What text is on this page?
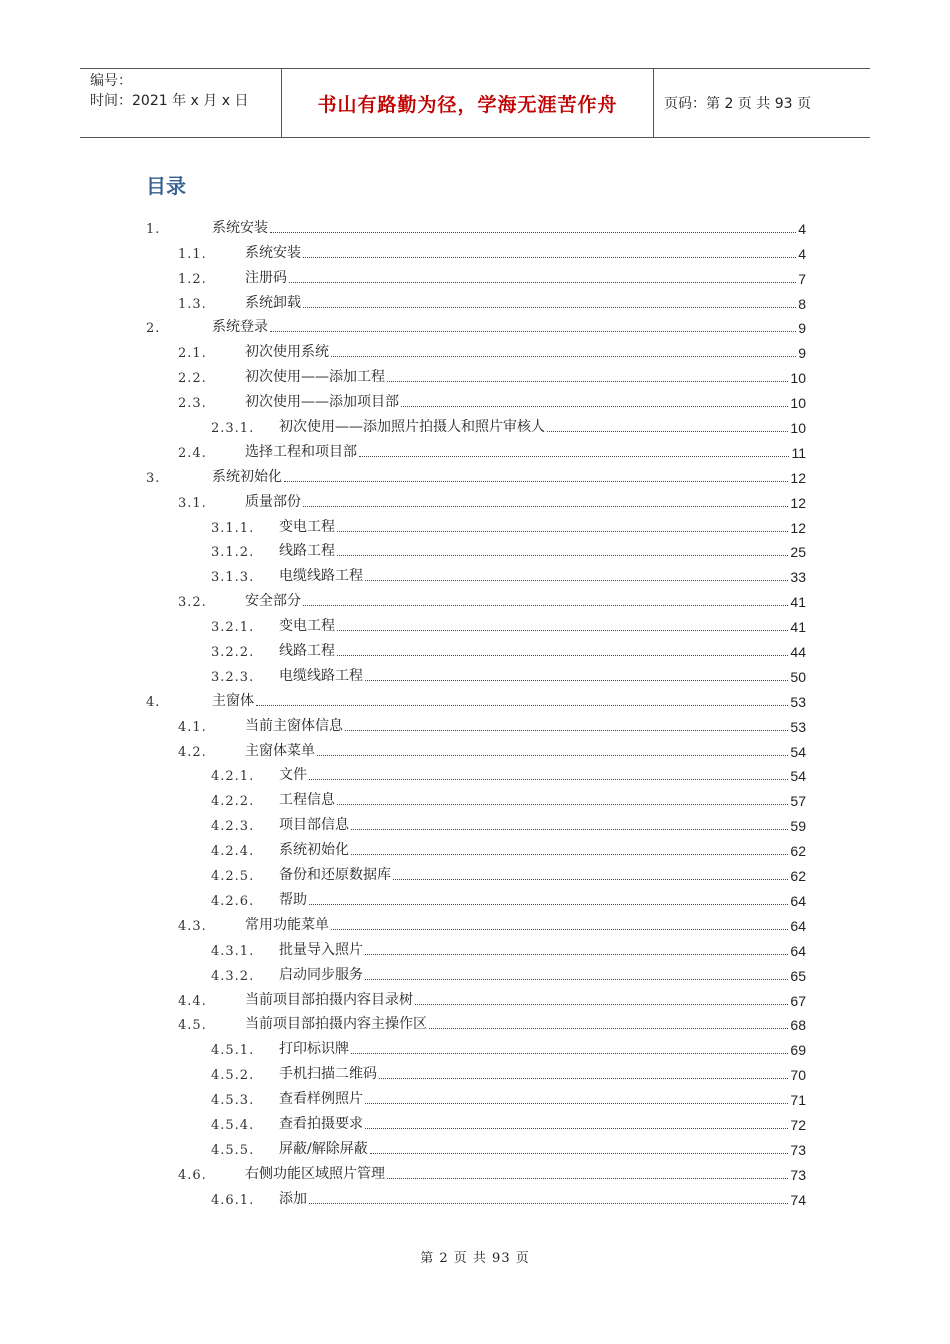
编号：
时间：2021 年 x 月 x 日	书山有路勤为径，学海无涯苦作舟	页码：第 2 页 共 93 页
目录
1.	系统安装	4
1.1.	系统安装	4
1.2.	注册码	7
1.3.	系统卸载	8
2.	系统登录	9
2.1.	初次使用系统	9
2.2.	初次使用——添加工程	10
2.3.	初次使用——添加项目部	10
2.3.1.	初次使用——添加照片拍摄人和照片审核人	10
2.4.	选择工程和项目部	11
3.	系统初始化	12
3.1.	质量部份	12
3.1.1.	变电工程	12
3.1.2.	线路工程	25
3.1.3.	电缆线路工程	33
3.2.	安全部分	41
3.2.1.	变电工程	41
3.2.2.	线路工程	44
3.2.3.	电缆线路工程	50
4.	主窗体	53
4.1.	当前主窗体信息	53
4.2.	主窗体菜单	54
4.2.1.	文件	54
4.2.2.	工程信息	57
4.2.3.	项目部信息	59
4.2.4.	系统初始化	62
4.2.5.	备份和还原数据库	62
4.2.6.	帮助	64
4.3.	常用功能菜单	64
4.3.1.	批量导入照片	64
4.3.2.	启动同步服务	65
4.4.	当前项目部拍摄内容目录树	67
4.5.	当前项目部拍摄内容主操作区	68
4.5.1.	打印标识牌	69
4.5.2.	手机扫描二维码	70
4.5.3.	查看样例照片	71
4.5.4.	查看拍摄要求	72
4.5.5.	屏蔽/解除屏蔽	73
4.6.	右侧功能区域照片管理	73
4.6.1.	添加	74
第 2 页 共 93 页
